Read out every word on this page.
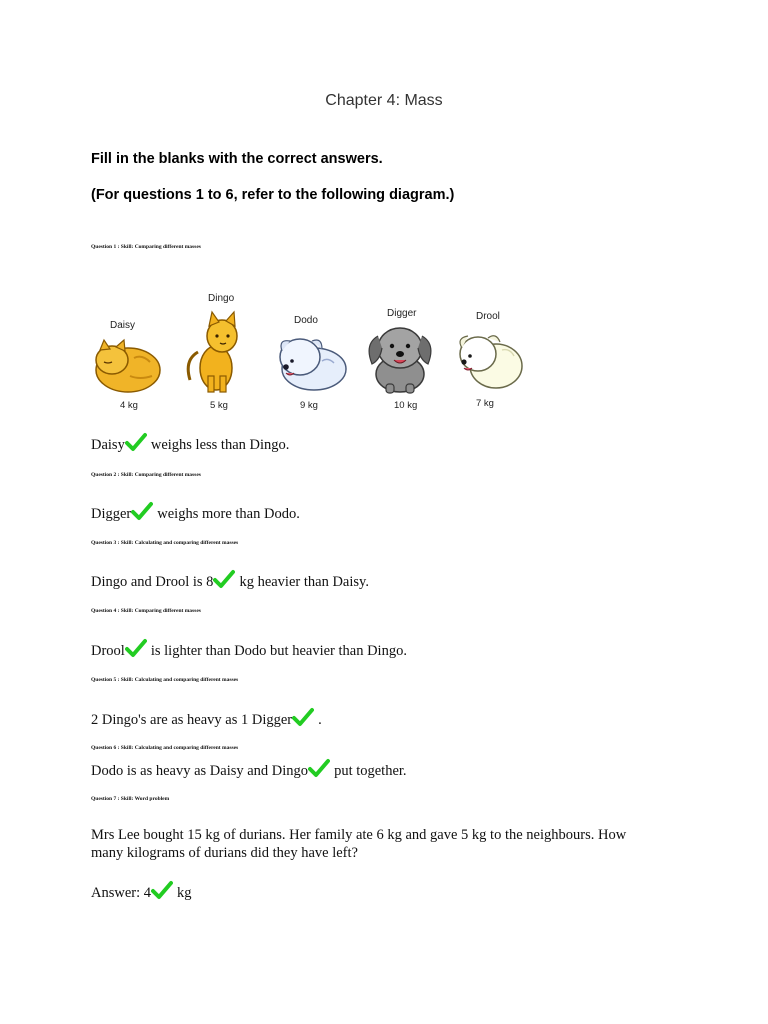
Chapter 4: Mass
Fill in the blanks with the correct answers.
(For questions 1 to 6, refer to the following diagram.)
Question 1 : Skill: Comparing different masses
Daisy
4 kg
Dingo
5 kg
Dodo
9 kg
Digger
10 kg
Drool
7 kg
Daisy weighs less than Dingo.
Question 2 : Skill: Comparing different masses
Digger weighs more than Dodo.
Question 3 : Skill: Calculating and comparing different masses
Dingo and Drool is 8 kg heavier than Daisy.
Question 4 : Skill: Comparing different masses
Drool is lighter than Dodo but heavier than Dingo.
Question 5 : Skill: Calculating and comparing different masses
2 Dingo's are as heavy as 1 Digger .
Question 6 : Skill: Calculating and comparing different masses
Dodo is as heavy as Daisy and Dingo put together.
Question 7 : Skill: Word problem
Mrs Lee bought 15 kg of durians. Her family ate 6 kg and gave 5 kg to the neighbours. How many kilograms of durians did they have left?
Answer: 4 kg
